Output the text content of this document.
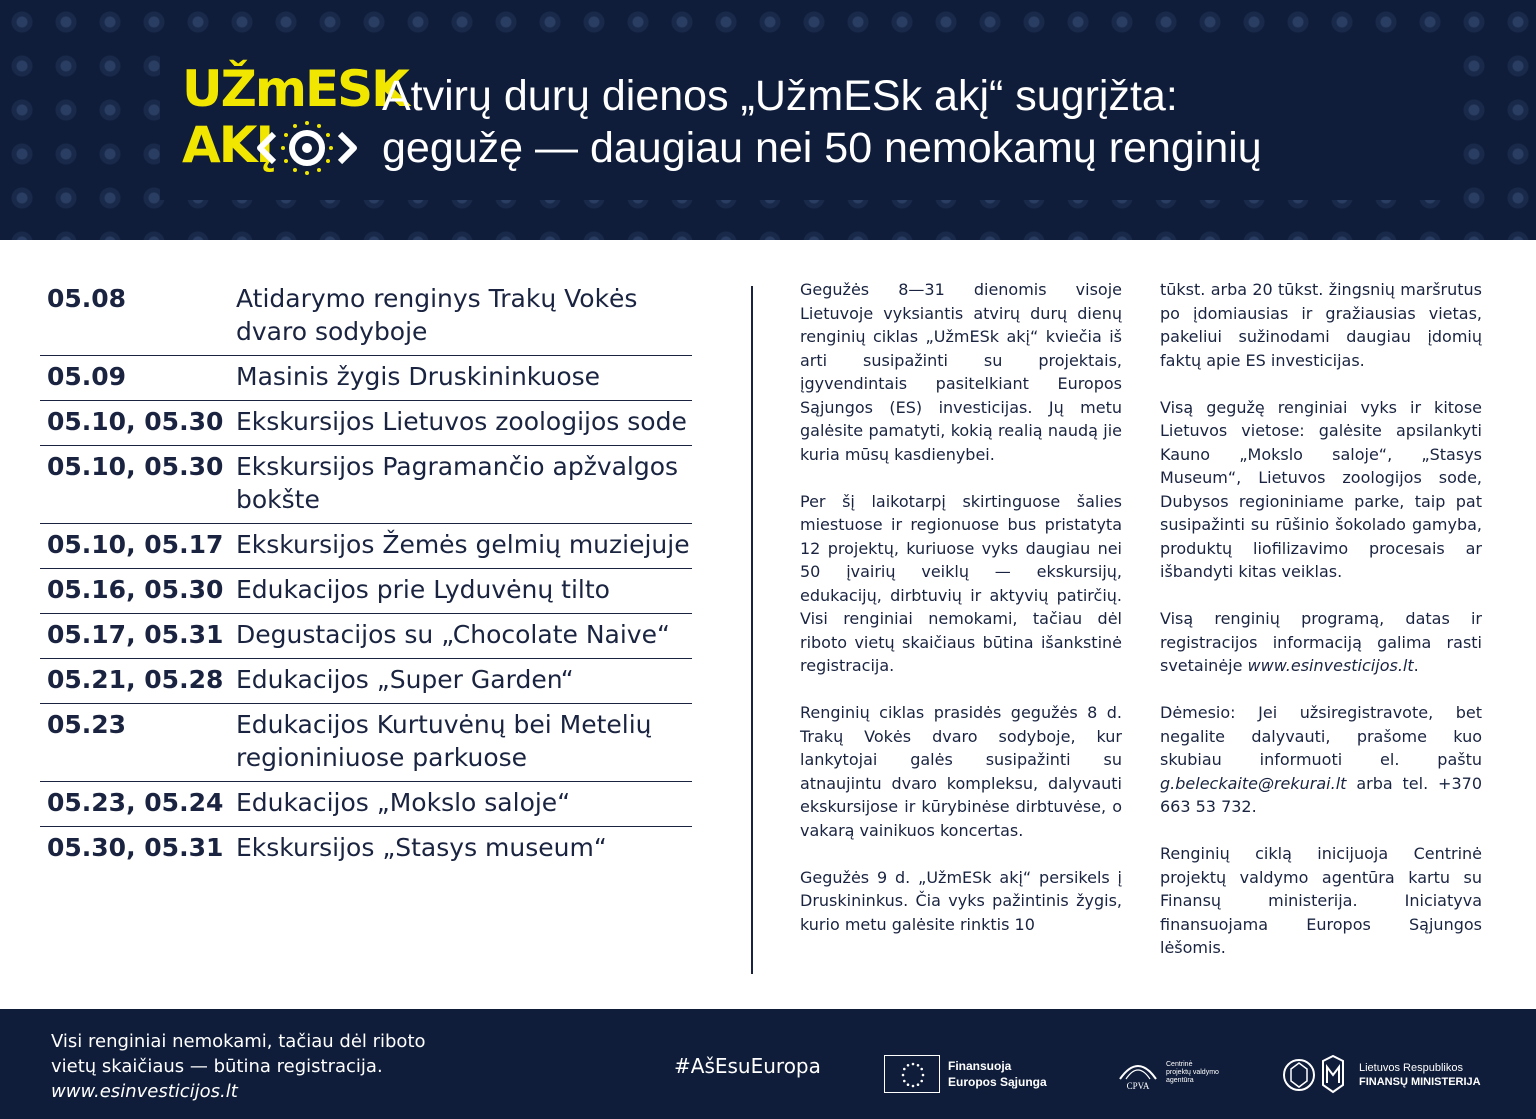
UŽmESK
AKĮ
Atvirų durų dienos „UžmESk akį“ sugrįžta:
gegužę — daugiau nei 50 nemokamų renginių
05.08	Atidarymo renginys Trakų Vokės dvaro sodyboje
05.09	Masinis žygis Druskininkuose
05.10, 05.30 Ekskursijos Lietuvos zoologijos sode
05.10, 05.30 Ekskursijos Pagramančio apžvalgos bokšte
05.10, 05.17 Ekskursijos Žemės gelmių muziejuje
05.16, 05.30 Edukacijos prie Lyduvėnų tilto
05.17, 05.31 Degustacijos su „Chocolate Naive“
05.21, 05.28 Edukacijos „Super Garden“
05.23	Edukacijos Kurtuvėnų bei Metelių regioniniuose parkuose
05.23, 05.24 Edukacijos „Mokslo saloje“
05.30, 05.31 Ekskursijos „Stasys museum“

Gegužės 8—31 dienomis visoje Lietuvoje vyksiantis atvirų durų dienų renginių ciklas „UžmESk akį“ kviečia iš arti susipažinti su projektais, įgyvendintais pasitelkiant Europos Sąjungos (ES) investicijas. Jų metu galėsite pamatyti, kokią realią naudą jie kuria mūsų kasdienybei.

Per šį laikotarpį skirtinguose šalies miestuose ir regionuose bus pristatyta 12 projektų, kuriuose vyks daugiau nei 50 įvairių veiklų — ekskursijų, edukacijų, dirbtuvių ir aktyvių patirčių. Visi renginiai nemokami, tačiau dėl riboto vietų skaičiaus būtina išankstinė registracija.

Renginių ciklas prasidės gegužės 8 d. Trakų Vokės dvaro sodyboje, kur lankytojai galės susipažinti su atnaujintu dvaro kompleksu, dalyvauti ekskursijose ir kūrybinėse dirbtuvėse, o vakarą vainikuos koncertas.

Gegužės 9 d. „UžmESk akį“ persikels į Druskininkus. Čia vyks pažintinis žygis, kurio metu galėsite rinktis 10

tūkst. arba 20 tūkst. žingsnių maršrutus po įdomiausias ir gražiausias vietas, pakeliui sužinodami daugiau įdomių faktų apie ES investicijas.

Visą gegužę renginiai vyks ir kitose Lietuvos vietose: galėsite apsilankyti Kauno „Mokslo saloje“, „Stasys Museum“, Lietuvos zoologijos sode, Dubysos regioniniame parke, taip pat susipažinti su rūšinio šokolado gamyba, produktų liofilizavimo procesais ar išbandyti kitas veiklas.

Visą renginių programą, datas ir registracijos informaciją galima rasti svetainėje www.esinvesticijos.lt.

Dėmesio: Jei užsiregistravote, bet negalite dalyvauti, prašome kuo skubiau informuoti el. paštu g.beleckaite@rekurai.lt arba tel. +370 663 53 732.

Renginių ciklą inicijuoja Centrinė projektų valdymo agentūra kartu su Finansų ministerija. Iniciatyva finansuojama Europos Sąjungos lėšomis.

Visi renginiai nemokami, tačiau dėl riboto
vietų skaičiaus — būtina registracija.
www.esinvesticijos.lt
#AšEsuEuropa	Finansuoja
Europos Sąjunga	CPVA
Centrinė
projektų valdymo
agentūra
Lietuvos Respublikos
FINANSŲ MINISTERIJA
